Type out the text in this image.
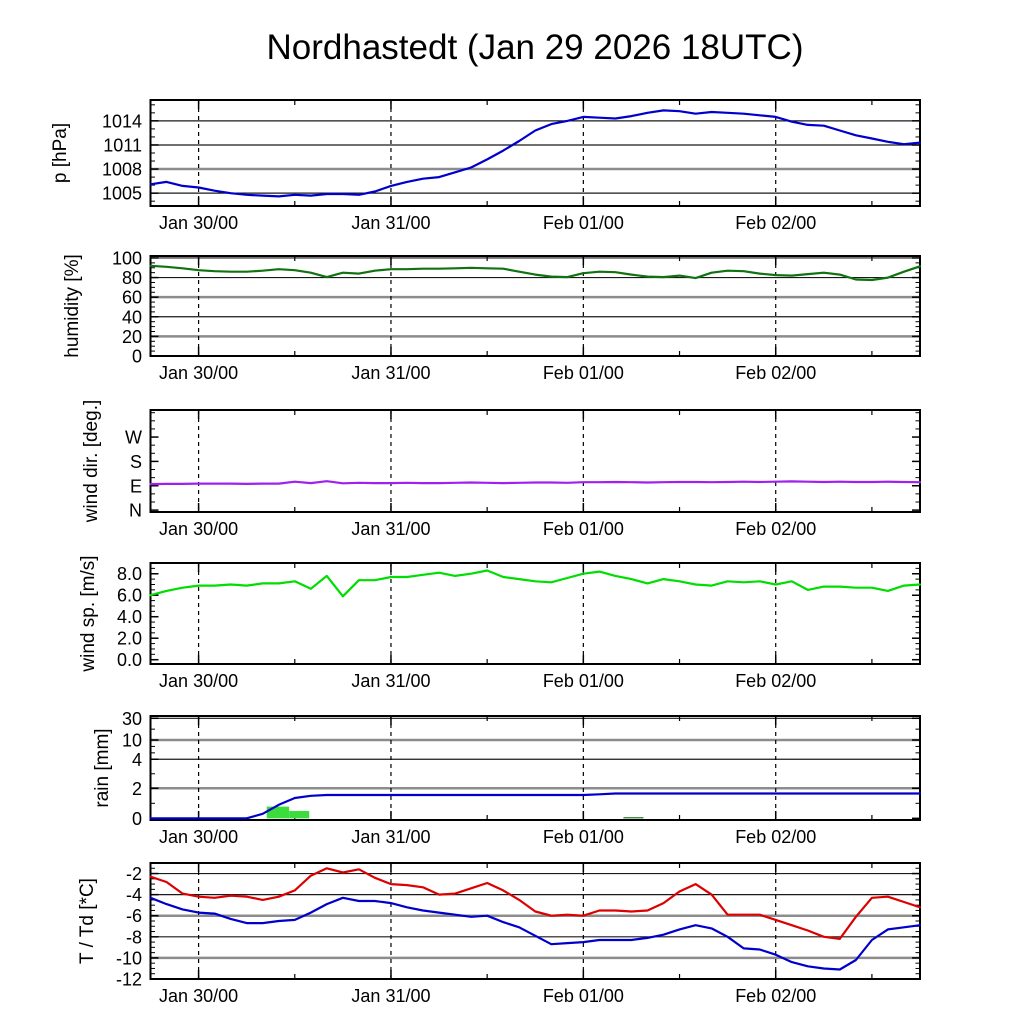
Nordhastedt (Jan 29 2026 18UTC)
1005
1008
1011
1014
Jan 30/00	Jan 31/00	Feb 01/00	Feb 02/00
p [hPa]
0
20
40
60
80
100
Jan 30/00	Jan 31/00	Feb 01/00	Feb 02/00
humidity [%]
N
E
S
W
Jan 30/00	Jan 31/00	Feb 01/00	Feb 02/00
wind dir. [deg.]
0.0
2.0
4.0
6.0
8.0
Jan 30/00	Jan 31/00	Feb 01/00	Feb 02/00
wind sp. [m/s]
0
2
4
10
30
Jan 30/00	Jan 31/00	Feb 01/00	Feb 02/00
rain [mm]
-12
-10
-8
-6
-4
-2
Jan 30/00	Jan 31/00	Feb 01/00	Feb 02/00
T / Td [*C]
